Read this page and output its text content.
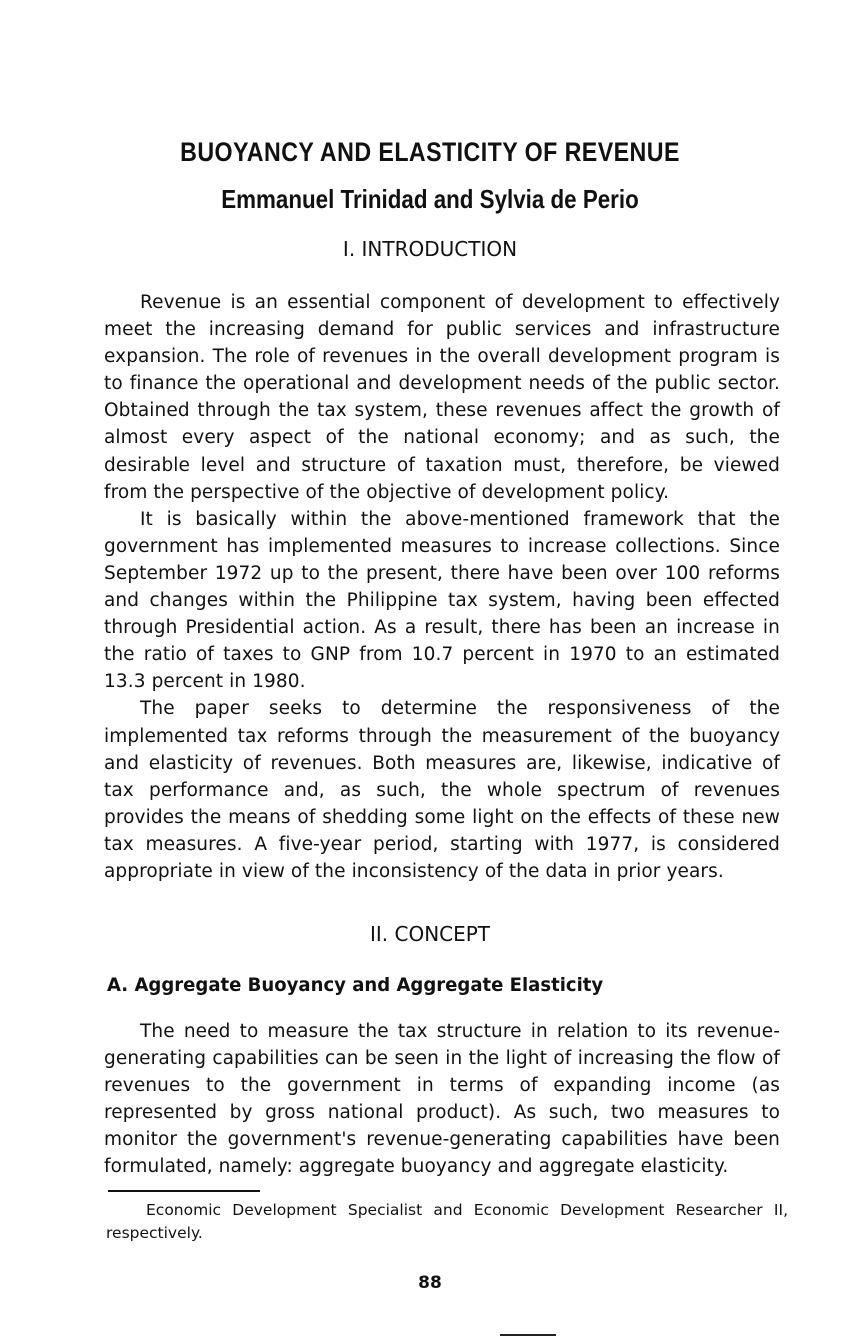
BUOYANCY AND ELASTICITY OF REVENUE
Emmanuel Trinidad and Sylvia de Perio
I. INTRODUCTION

Revenue is an essential component of development to effectively meet the increasing demand for public services and infrastructure expansion. The role of revenues in the overall development program is to finance the operational and development needs of the public sector. Obtained through the tax system, these revenues affect the growth of almost every aspect of the national economy; and as such, the desirable level and structure of taxation must, therefore, be viewed from the perspective of the objective of development policy.

It is basically within the above-mentioned framework that the government has implemented measures to increase collections. Since September 1972 up to the present, there have been over 100 reforms and changes within the Philippine tax system, having been effected through Presidential action. As a result, there has been an increase in the ratio of taxes to GNP from 10.7 percent in 1970 to an estimated 13.3 percent in 1980.

The paper seeks to determine the responsiveness of the implemented tax reforms through the measurement of the buoyancy and elasticity of revenues. Both measures are, likewise, indicative of tax performance and, as such, the whole spectrum of revenues provides the means of shedding some light on the effects of these new tax measures. A five-year period, starting with 1977, is considered appropriate in view of the inconsistency of the data in prior years.

II. CONCEPT
A. Aggregate Buoyancy and Aggregate Elasticity

The need to measure the tax structure in relation to its revenue-generating capabilities can be seen in the light of increasing the flow of revenues to the government in terms of expanding income (as represented by gross national product). As such, two measures to monitor the government's revenue-generating capabilities have been formulated, namely: aggregate buoyancy and aggregate elasticity.

Economic Development Specialist and Economic Development Researcher II, respectively.
88
